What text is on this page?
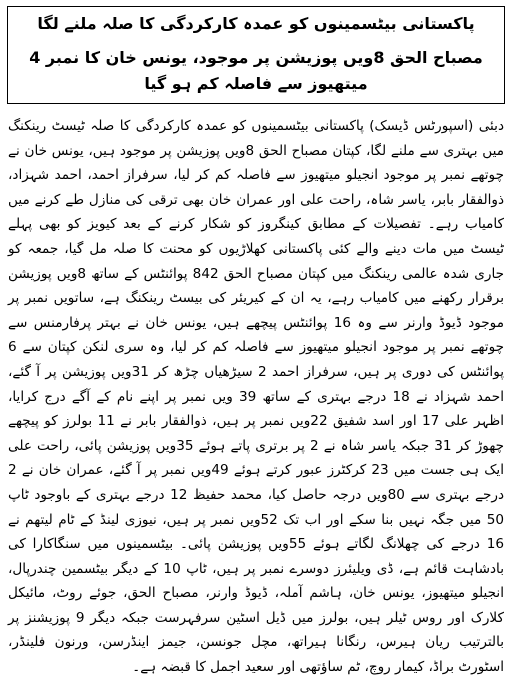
پاکستانی بیٹسمینوں کو عمدہ کارکردگی کا صلہ ملنے لگا
مصباح الحق 8ویں پوزیشن پر موجود، یونس خان کا نمبر 4 میتھیوز سے فاصلہ کم ہو گیا

دبئی (اسپورٹس ڈیسک) پاکستانی بیٹسمینوں کو عمدہ کارکردگی کا صلہ ٹیسٹ رینکنگ میں بہتری سے ملنے لگا، کپتان مصباح الحق 8ویں پوزیشن پر موجود ہیں، یونس خان نے چوتھے نمبر پر موجود انجیلو میتھیوز سے فاصلہ کم کر لیا، سرفراز احمد، احمد شہزاد، ذوالفقار بابر، یاسر شاہ، راحت علی اور عمران خان بھی ترقی کی منازل طے کرنے میں کامیاب رہے۔ تفصیلات کے مطابق کینگروز کو شکار کرنے کے بعد کیویز کو بھی پہلے ٹیسٹ میں مات دینے والے کئی پاکستانی کھلاڑیوں کو محنت کا صلہ مل گیا، جمعہ کو جاری شدہ عالمی رینکنگ میں کپتان مصباح الحق 842 پوائنٹس کے ساتھ 8ویں پوزیشن برقرار رکھنے میں کامیاب رہے، یہ ان کے کیریئر کی بیسٹ رینکنگ ہے، ساتویں نمبر پر موجود ڈیوڈ وارنر سے وہ 16 پوائنٹس پیچھے ہیں، یونس خان نے بہتر پرفارمنس سے چوتھے نمبر پر موجود انجیلو میتھیوز سے فاصلہ کم کر لیا، وہ سری لنکن کپتان سے 6 پوائنٹس کی دوری پر ہیں، سرفراز احمد 2 سیڑھیاں چڑھ کر 31ویں پوزیشن پر آ گئے، احمد شہزاد نے 18 درجے بہتری کے ساتھ 39 ویں نمبر پر اپنے نام کے آگے درج کرایا، اظہر علی 17 اور اسد شفیق 22ویں نمبر پر ہیں، ذوالفقار بابر نے 11 بولرز کو پیچھے چھوڑ کر 31 جبکہ یاسر شاہ نے 2 پر برتری پاتے ہوئے 35ویں پوزیشن پائی، راحت علی ایک ہی جست میں 23 کرکٹرز عبور کرتے ہوئے 49ویں نمبر پر آ گئے، عمران خان نے 2 درجے بہتری سے 80ویں درجہ حاصل کیا، محمد حفیظ 12 درجے بہتری کے باوجود ٹاپ 50 میں جگہ نہیں بنا سکے اور اب تک 52ویں نمبر پر ہیں، نیوزی لینڈ کے ٹام لیتھم نے 16 درجے کی چھلانگ لگاتے ہوئے 55ویں پوزیشن پائی۔ بیٹسمینوں میں سنگاکارا کی بادشاہت قائم ہے، ڈی ویلیئرز دوسرے نمبر پر ہیں، ٹاپ 10 کے دیگر بیٹسمین چندرپال، انجیلو میتھیوز، یونس خان، ہاشم آملہ، ڈیوڈ وارنر، مصباح الحق، جوئے روٹ، مائیکل کلارک اور روس ٹیلر ہیں، بولرز میں ڈیل اسٹین سرفہرست جبکہ دیگر 9 پوزیشنز پر بالترتیب ریان ہیرس، رنگانا ہیراتھ، مچل جونسن، جیمز اینڈرسن، ورنون فلینڈر، اسٹورٹ براڈ، کیمار روچ، ٹم ساؤتھی اور سعید اجمل کا قبضہ ہے۔
